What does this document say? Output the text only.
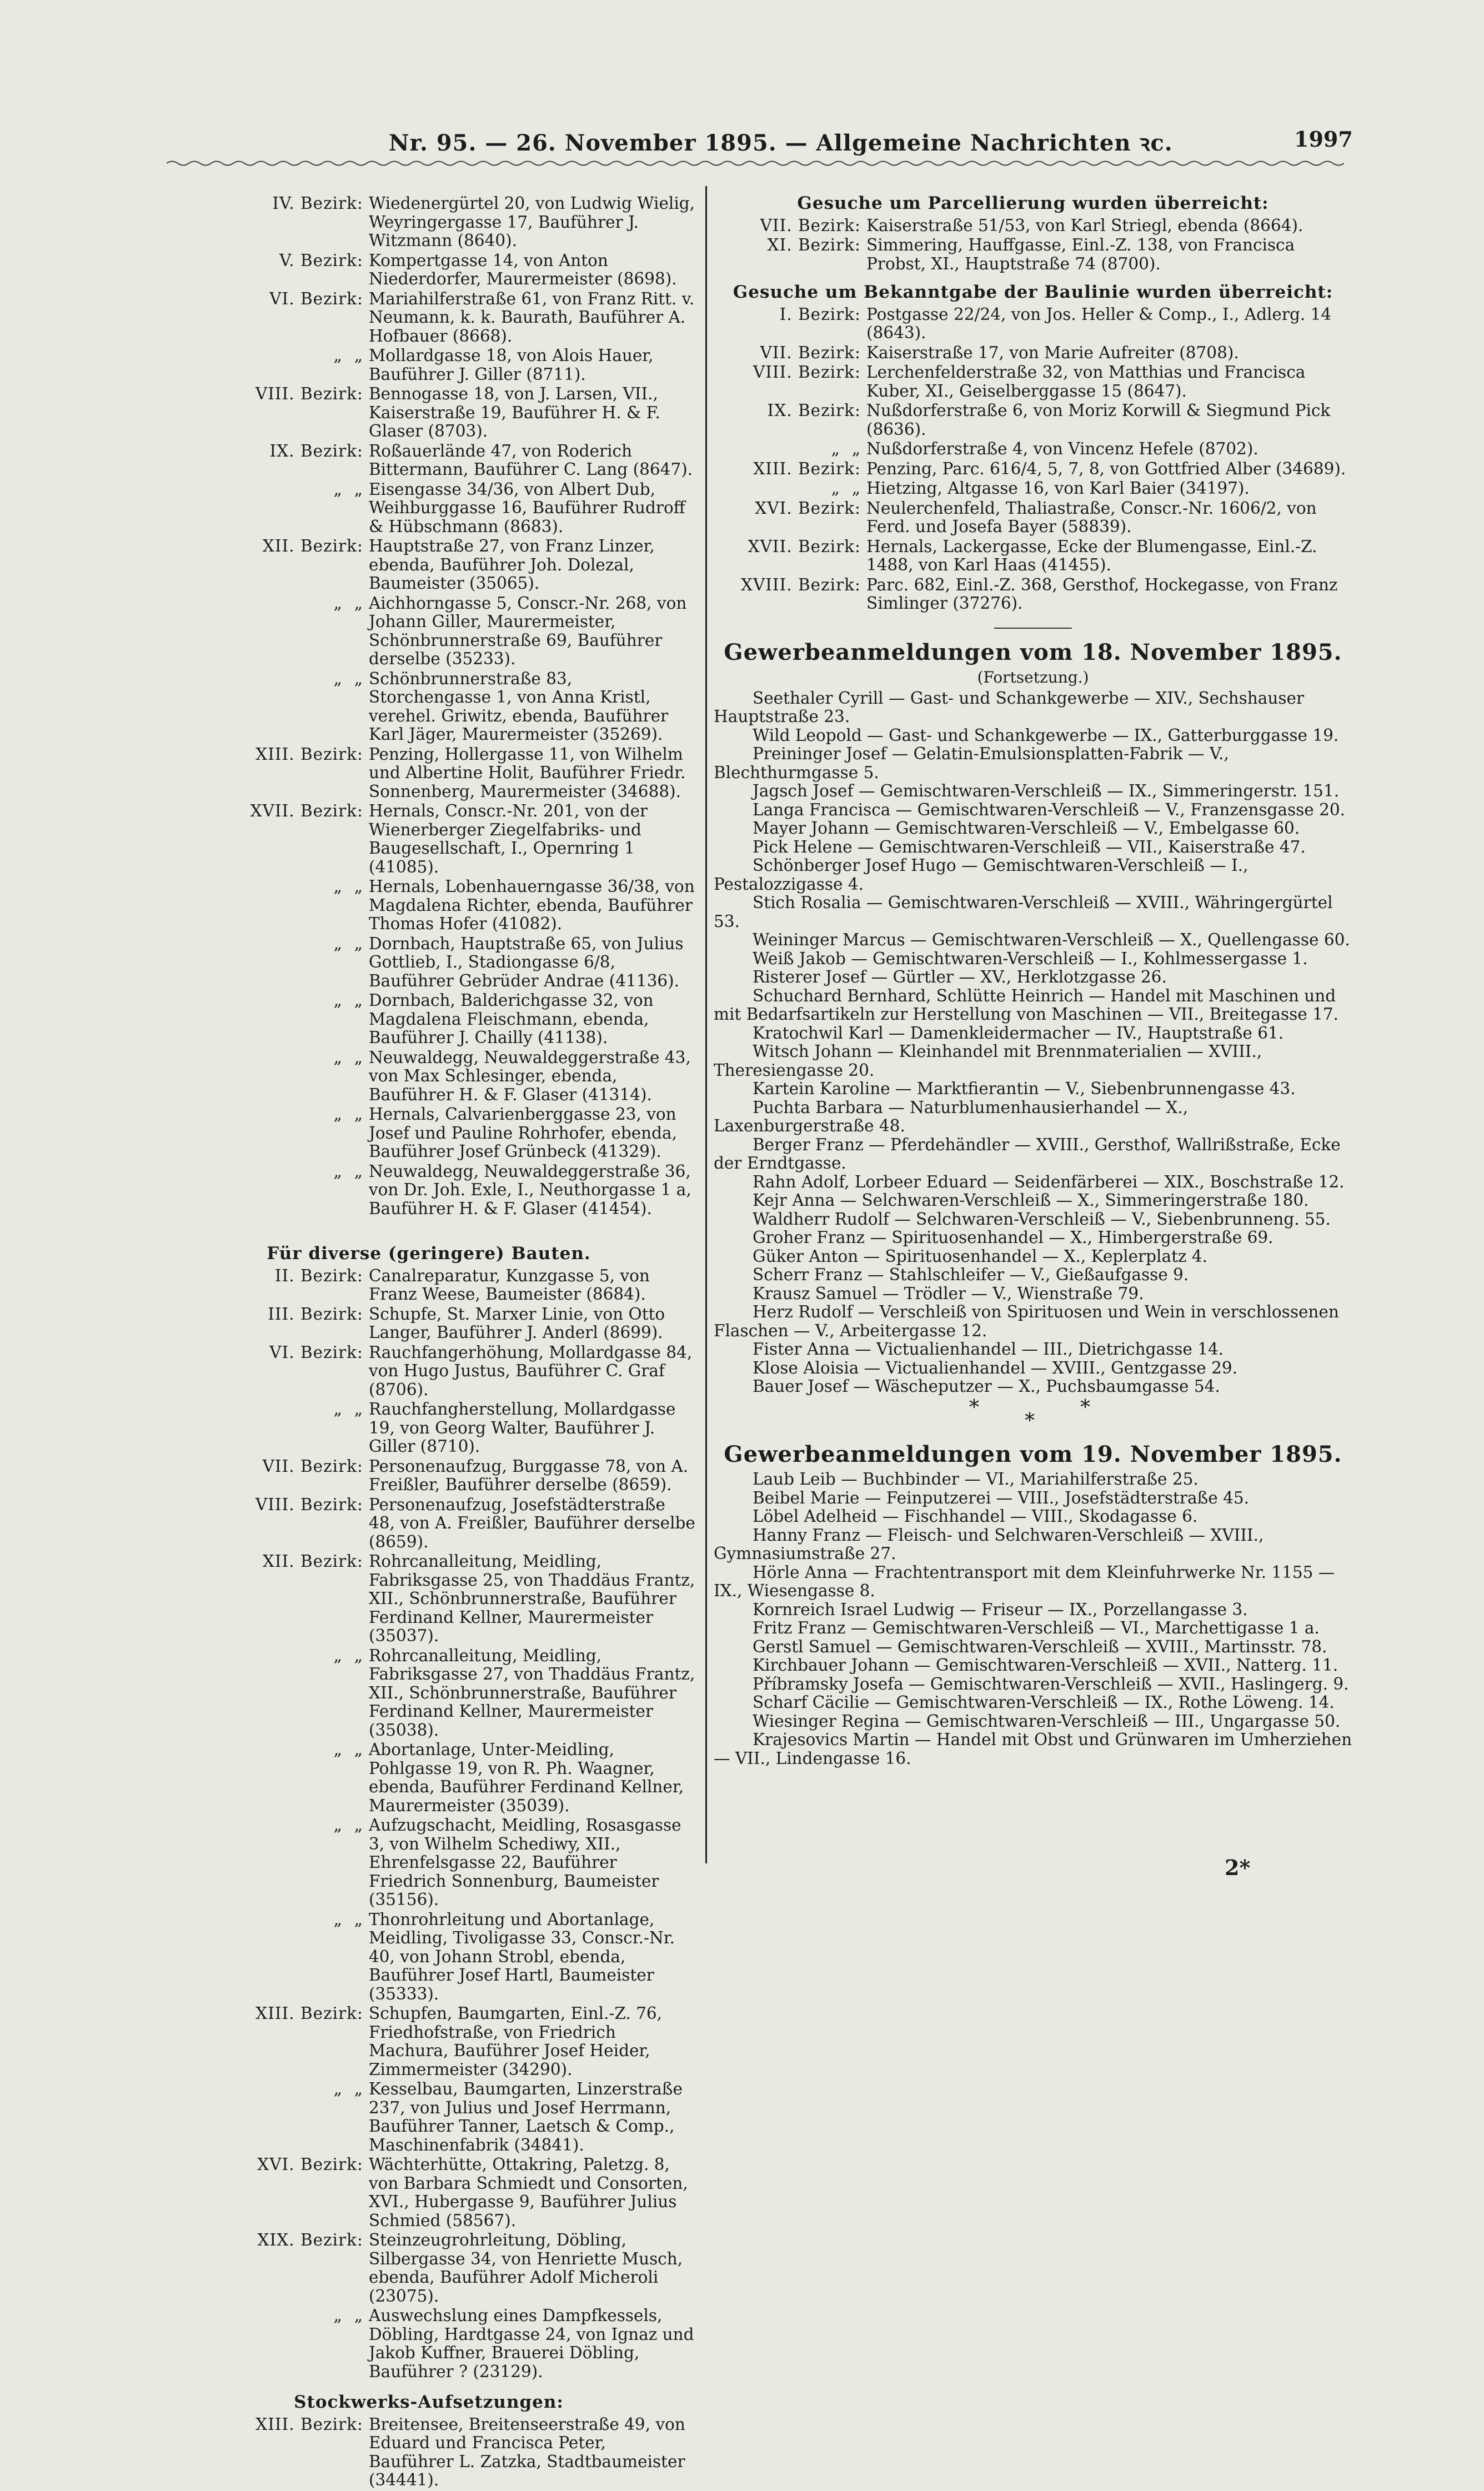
Nr. 95. — 26. November 1895. — Allgemeine Nachrichten ꝛc.	1997
IV. Bezirk: Wiedenergürtel 20, von Ludwig Wielig, Weyringergasse 17, Bauführer J. Witzmann (8640).
V. Bezirk: Kompertgasse 14, von Anton Niederdorfer, Maurermeister (8698).
VI. Bezirk: Mariahilferstraße 61, von Franz Ritt. v. Neumann, k. k. Baurath, Bauführer A. Hofbauer (8668).
„  „ Mollardgasse 18, von Alois Hauer, Bauführer J. Giller (8711).
VIII. Bezirk: Bennogasse 18, von J. Larsen, VII., Kaiserstraße 19, Bauführer H. & F. Glaser (8703).
IX. Bezirk: Roßauerlände 47, von Roderich Bittermann, Bauführer C. Lang (8647).
„  „ Eisengasse 34/36, von Albert Dub, Weihburggasse 16, Bauführer Rudroff & Hübschmann (8683).
XII. Bezirk: Hauptstraße 27, von Franz Linzer, ebenda, Bauführer Joh. Dolezal, Baumeister (35065).
„  „ Aichhorngasse 5, Conscr.-Nr. 268, von Johann Giller, Maurermeister, Schönbrunnerstraße 69, Bauführer derselbe (35233).
„  „ Schönbrunnerstraße 83, Storchengasse 1, von Anna Kristl, verehel. Griwitz, ebenda, Bauführer Karl Jäger, Maurermeister (35269).
XIII. Bezirk: Penzing, Hollergasse 11, von Wilhelm und Albertine Holit, Bauführer Friedr. Sonnenberg, Maurermeister (34688).
XVII. Bezirk: Hernals, Conscr.-Nr. 201, von der Wienerberger Ziegelfabriks- und Baugesellschaft, I., Opernring 1 (41085).
„  „ Hernals, Lobenhauerngasse 36/38, von Magdalena Richter, ebenda, Bauführer Thomas Hofer (41082).
„  „ Dornbach, Hauptstraße 65, von Julius Gottlieb, I., Stadiongasse 6/8, Bauführer Gebrüder Andrae (41136).
„  „ Dornbach, Balderichgasse 32, von Magdalena Fleischmann, ebenda, Bauführer J. Chailly (41138).
„  „ Neuwaldegg, Neuwaldeggerstraße 43, von Max Schlesinger, ebenda, Bauführer H. & F. Glaser (41314).
„  „ Hernals, Calvarienberggasse 23, von Josef und Pauline Rohrhofer, ebenda, Bauführer Josef Grünbeck (41329).
„  „ Neuwaldegg, Neuwaldeggerstraße 36, von Dr. Joh. Exle, I., Neuthorgasse 1 a, Bauführer H. & F. Glaser (41454).
Für diverse (geringere) Bauten.
II. Bezirk: Canalreparatur, Kunzgasse 5, von Franz Weese, Baumeister (8684).
III. Bezirk: Schupfe, St. Marxer Linie, von Otto Langer, Bauführer J. Anderl (8699).
VI. Bezirk: Rauchfangerhöhung, Mollardgasse 84, von Hugo Justus, Bauführer C. Graf (8706).
„  „ Rauchfangherstellung, Mollardgasse 19, von Georg Walter, Bauführer J. Giller (8710).
VII. Bezirk: Personenaufzug, Burggasse 78, von A. Freißler, Bauführer derselbe (8659).
VIII. Bezirk: Personenaufzug, Josefstädterstraße 48, von A. Freißler, Bauführer derselbe (8659).
XII. Bezirk: Rohrcanalleitung, Meidling, Fabriksgasse 25, von Thaddäus Frantz, XII., Schönbrunnerstraße, Bauführer Ferdinand Kellner, Maurermeister (35037).
„  „ Rohrcanalleitung, Meidling, Fabriksgasse 27, von Thaddäus Frantz, XII., Schönbrunnerstraße, Bauführer Ferdinand Kellner, Maurermeister (35038).
„  „ Abortanlage, Unter-Meidling, Pohlgasse 19, von R. Ph. Waagner, ebenda, Bauführer Ferdinand Kellner, Maurermeister (35039).
„  „ Aufzugschacht, Meidling, Rosasgasse 3, von Wilhelm Schediwy, XII., Ehrenfelsgasse 22, Bauführer Friedrich Sonnenburg, Baumeister (35156).
„  „ Thonrohrleitung und Abortanlage, Meidling, Tivoligasse 33, Conscr.-Nr. 40, von Johann Strobl, ebenda, Bauführer Josef Hartl, Baumeister (35333).
XIII. Bezirk: Schupfen, Baumgarten, Einl.-Z. 76, Friedhofstraße, von Friedrich Machura, Bauführer Josef Heider, Zimmermeister (34290).
„  „ Kesselbau, Baumgarten, Linzerstraße 237, von Julius und Josef Herrmann, Bauführer Tanner, Laetsch & Comp., Maschinenfabrik (34841).
XVI. Bezirk: Wächterhütte, Ottakring, Paletzg. 8, von Barbara Schmiedt und Consorten, XVI., Hubergasse 9, Bauführer Julius Schmied (58567).
XIX. Bezirk: Steinzeugrohrleitung, Döbling, Silbergasse 34, von Henriette Musch, ebenda, Bauführer Adolf Micheroli (23075).
„  „ Auswechslung eines Dampfkessels, Döbling, Hardtgasse 24, von Ignaz und Jakob Kuffner, Brauerei Döbling, Bauführer ? (23129).
Stockwerks-Aufsetzungen:
XIII. Bezirk: Breitensee, Breitenseerstraße 49, von Eduard und Francisca Peter, Bauführer L. Zatzka, Stadtbaumeister (34441).
Gesuche um Parcellierung wurden überreicht:
VII. Bezirk: Kaiserstraße 51/53, von Karl Striegl, ebenda (8664).
XI. Bezirk: Simmering, Hauffgasse, Einl.-Z. 138, von Francisca Probst, XI., Hauptstraße 74 (8700).
Gesuche um Bekanntgabe der Baulinie wurden überreicht:
I. Bezirk: Postgasse 22/24, von Jos. Heller & Comp., I., Adlerg. 14 (8643).
VII. Bezirk: Kaiserstraße 17, von Marie Aufreiter (8708).
VIII. Bezirk: Lerchenfelderstraße 32, von Matthias und Francisca Kuber, XI., Geiselberggasse 15 (8647).
IX. Bezirk: Nußdorferstraße 6, von Moriz Korwill & Siegmund Pick (8636).
„  „ Nußdorferstraße 4, von Vincenz Hefele (8702).
XIII. Bezirk: Penzing, Parc. 616/4, 5, 7, 8, von Gottfried Alber (34689).
„  „ Hietzing, Altgasse 16, von Karl Baier (34197).
XVI. Bezirk: Neulerchenfeld, Thaliastraße, Conscr.-Nr. 1606/2, von Ferd. und Josefa Bayer (58839).
XVII. Bezirk: Hernals, Lackergasse, Ecke der Blumengasse, Einl.-Z. 1488, von Karl Haas (41455).
XVIII. Bezirk: Parc. 682, Einl.-Z. 368, Gersthof, Hockegasse, von Franz Simlinger (37276).
Gewerbeanmeldungen vom 18. November 1895.
(Fortsetzung.)

Seethaler Cyrill — Gast- und Schankgewerbe — XIV., Sechshauser Hauptstraße 23.

Wild Leopold — Gast- und Schankgewerbe — IX., Gatterburggasse 19.

Preininger Josef — Gelatin-Emulsionsplatten-Fabrik — V., Blechthurmgasse 5.

Jagsch Josef — Gemischtwaren-Verschleiß — IX., Simmeringerstr. 151.

Langa Francisca — Gemischtwaren-Verschleiß — V., Franzensgasse 20.

Mayer Johann — Gemischtwaren-Verschleiß — V., Embelgasse 60.

Pick Helene — Gemischtwaren-Verschleiß — VII., Kaiserstraße 47.

Schönberger Josef Hugo — Gemischtwaren-Verschleiß — I., Pestalozzigasse 4.

Stich Rosalia — Gemischtwaren-Verschleiß — XVIII., Währingergürtel 53.

Weininger Marcus — Gemischtwaren-Verschleiß — X., Quellengasse 60.

Weiß Jakob — Gemischtwaren-Verschleiß — I., Kohlmessergasse 1.

Risterer Josef — Gürtler — XV., Herklotzgasse 26.

Schuchard Bernhard, Schlütte Heinrich — Handel mit Maschinen und mit Bedarfsartikeln zur Herstellung von Maschinen — VII., Breitegasse 17.

Kratochwil Karl — Damenkleidermacher — IV., Hauptstraße 61.

Witsch Johann — Kleinhandel mit Brennmaterialien — XVIII., Theresiengasse 20.

Kartein Karoline — Marktfierantin — V., Siebenbrunnengasse 43.

Puchta Barbara — Naturblumenhausierhandel — X., Laxenburgerstraße 48.

Berger Franz — Pferdehändler — XVIII., Gersthof, Wallrißstraße, Ecke der Erndtgasse.

Rahn Adolf, Lorbeer Eduard — Seidenfärberei — XIX., Boschstraße 12.

Kejr Anna — Selchwaren-Verschleiß — X., Simmeringerstraße 180.

Waldherr Rudolf — Selchwaren-Verschleiß — V., Siebenbrunneng. 55.

Groher Franz — Spirituosenhandel — X., Himbergerstraße 69.

Güker Anton — Spirituosenhandel — X., Keplerplatz 4.

Scherr Franz — Stahlschleifer — V., Gießaufgasse 9.

Krausz Samuel — Trödler — V., Wienstraße 79.

Herz Rudolf — Verschleiß von Spirituosen und Wein in verschlossenen Flaschen — V., Arbeitergasse 12.

Fister Anna — Victualienhandel — III., Dietrichgasse 14.

Klose Aloisia — Victualienhandel — XVIII., Gentzgasse 29.

Bauer Josef — Wäscheputzer — X., Puchsbaumgasse 54.

*	*
*
Gewerbeanmeldungen vom 19. November 1895.

Laub Leib — Buchbinder — VI., Mariahilferstraße 25.

Beibel Marie — Feinputzerei — VIII., Josefstädterstraße 45.

Löbel Adelheid — Fischhandel — VIII., Skodagasse 6.

Hanny Franz — Fleisch- und Selchwaren-Verschleiß — XVIII., Gymnasiumstraße 27.

Hörle Anna — Frachtentransport mit dem Kleinfuhrwerke Nr. 1155 — IX., Wiesengasse 8.

Kornreich Israel Ludwig — Friseur — IX., Porzellangasse 3.

Fritz Franz — Gemischtwaren-Verschleiß — VI., Marchettigasse 1 a.

Gerstl Samuel — Gemischtwaren-Verschleiß — XVIII., Martinsstr. 78.

Kirchbauer Johann — Gemischtwaren-Verschleiß — XVII., Natterg. 11.

Příbramsky Josefa — Gemischtwaren-Verschleiß — XVII., Haslingerg. 9.

Scharf Cäcilie — Gemischtwaren-Verschleiß — IX., Rothe Löweng. 14.

Wiesinger Regina — Gemischtwaren-Verschleiß — III., Ungargasse 50.

Krajesovics Martin — Handel mit Obst und Grünwaren im Umherziehen — VII., Lindengasse 16.

2*
